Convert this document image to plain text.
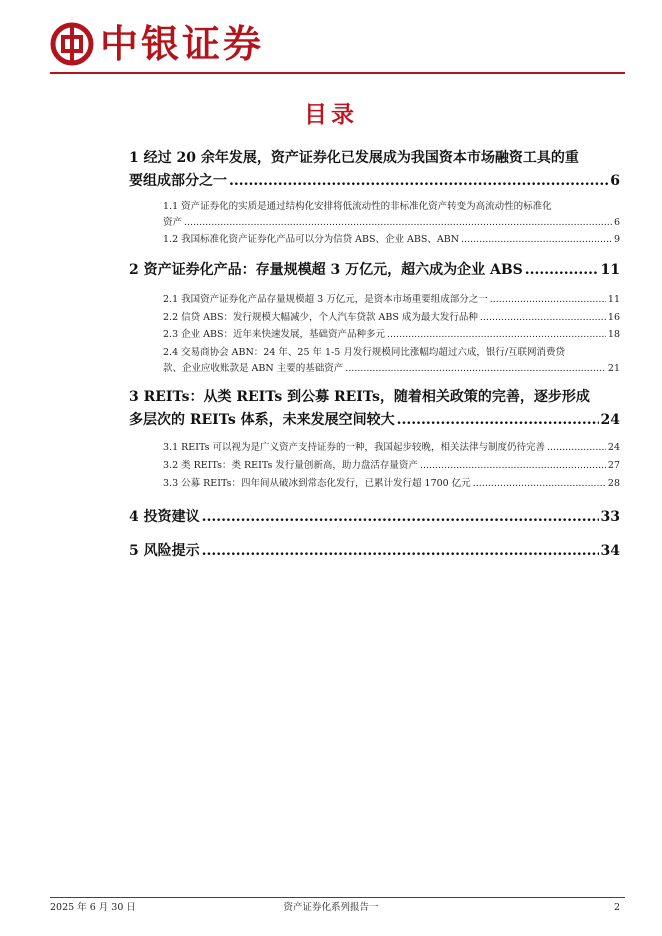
中银证券
目录
1 经过 20 余年发展，资产证券化已发展成为我国资本市场融资工具的重
要组成部分之一 .....	6
1.1 资产证券化的实质是通过结构化安排将低流动性的非标准化资产转变为高流动性的标准化
资产 .....	6
1.2 我国标准化资产证券化产品可以分为信贷 ABS、企业 ABS、ABN .....	9
2 资产证券化产品：存量规模超 3 万亿元，超六成为企业 ABS .....	11
2.1 我国资产证券化产品存量规模超 3 万亿元，是资本市场重要组成部分之一 .....	11
2.2 信贷 ABS：发行规模大幅减少，个人汽车贷款 ABS 成为最大发行品种 .....	16
2.3 企业 ABS：近年来快速发展，基础资产品种多元 .....	18
2.4 交易商协会 ABN：24 年、25 年 1-5 月发行规模同比涨幅均超过六成，银行/互联网消费贷
款、企业应收账款是 ABN 主要的基础资产 .....	21
3 REITs：从类 REITs 到公募 REITs，随着相关政策的完善，逐步形成
多层次的 REITs 体系，未来发展空间较大 .....	24
3.1 REITs 可以视为是广义资产支持证券的一种，我国起步较晚，相关法律与制度仍待完善 .....	24
3.2 类 REITs：类 REITs 发行量创新高，助力盘活存量资产 .....	27
3.3 公募 REITs：四年间从破冰到常态化发行，已累计发行超 1700 亿元 .....	28
4 投资建议 .....	33
5 风险提示 .....	34
2025 年 6 月 30 日	资产证券化系列报告一	2
